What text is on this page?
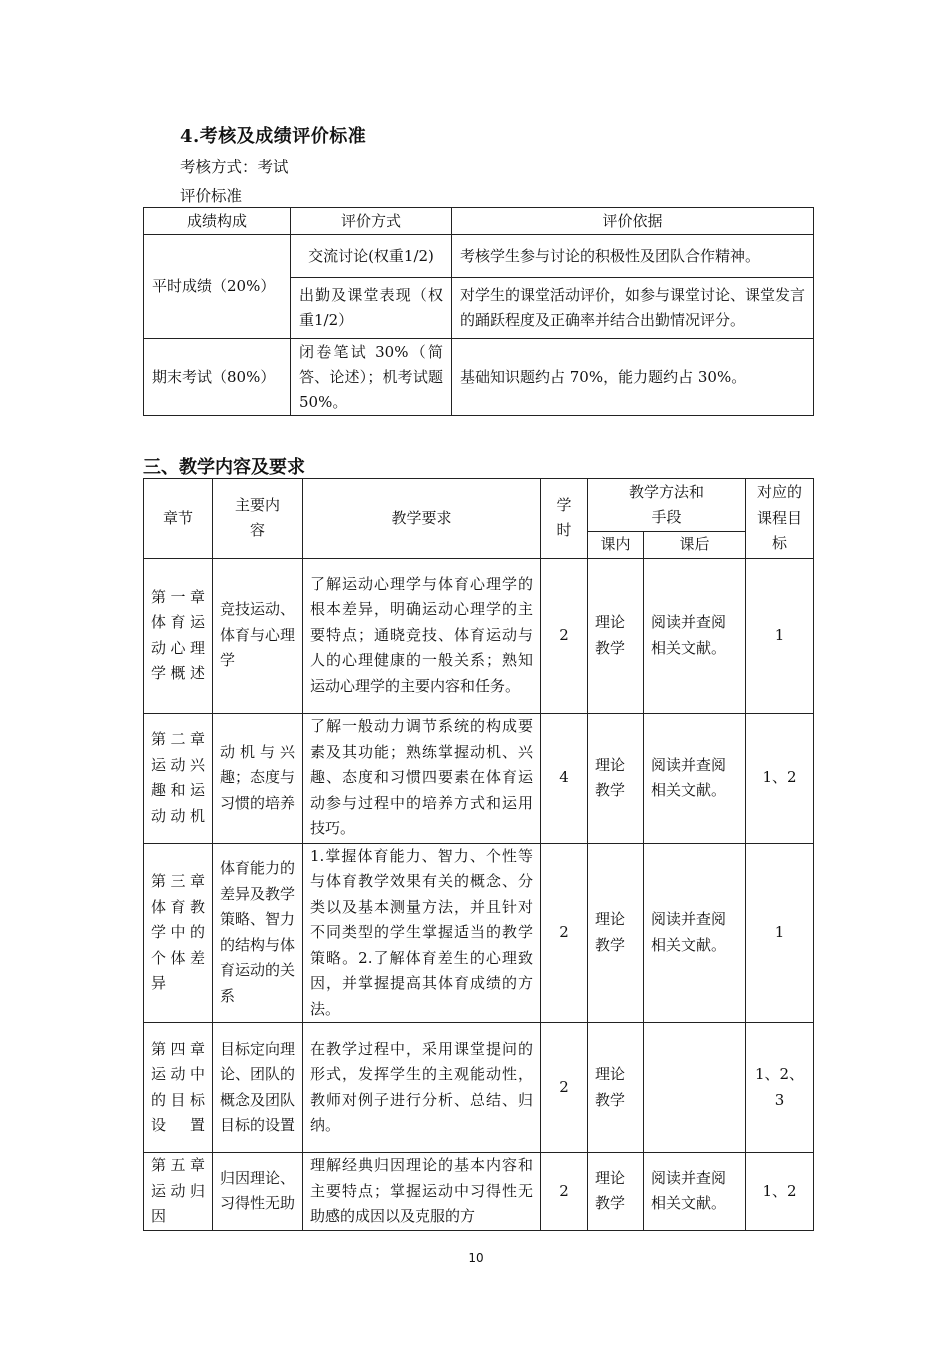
4.考核及成绩评价标准
考核方式：考试
评价标准
成绩构成	评价方式	评价依据
平时成绩（20%）	交流讨论(权重1/2)	考核学生参与讨论的积极性及团队合作精神。
	出勤及课堂表现（权重1/2）	对学生的课堂活动评价，如参与课堂讨论、课堂发言的踊跃程度及正确率并结合出勤情况评分。
期末考试（80%）	闭卷笔试 30%（简答、论述）；机考试题 50%。	基础知识题约占 70%，能力题约占 30%。
三、教学内容及要求
章节	主要内容	教学要求	学时	教学方法和手段		对应的课程目标
				课内	课后	
第一章体育运动心理学概述	竞技运动、体育与心理学	了解运动心理学与体育心理学的根本差异，明确运动心理学的主要特点；通晓竞技、体育运动与人的心理健康的一般关系；熟知运动心理学的主要内容和任务。	2	理论教学	阅读并查阅相关文献。	1
第二章运动兴趣和运动动机	动机与兴趣；态度与习惯的培养	了解一般动力调节系统的构成要素及其功能；熟练掌握动机、兴趣、态度和习惯四要素在体育运动参与过程中的培养方式和运用技巧。	4	理论教学	阅读并查阅相关文献。	1、2
第三章体育教学中的个体差异	体育能力的差异及教学策略、智力的结构与体育运动的关系	1.掌握体育能力、智力、个性等与体育教学效果有关的概念、分类以及基本测量方法，并且针对不同类型的学生掌握适当的教学策略。2.了解体育差生的心理致因，并掌握提高其体育成绩的方法。	2	理论教学	阅读并查阅相关文献。	1
第四章运动中的目标设置	目标定向理论、团队的概念及团队目标的设置	在教学过程中，采用课堂提问的形式，发挥学生的主观能动性，教师对例子进行分析、总结、归纳。	2	理论教学		1、2、3
第五章运动归因	归因理论、习得性无助	理解经典归因理论的基本内容和主要特点；掌握运动中习得性无助感的成因以及克服的方	2	理论教学	阅读并查阅相关文献。	1、2
10
